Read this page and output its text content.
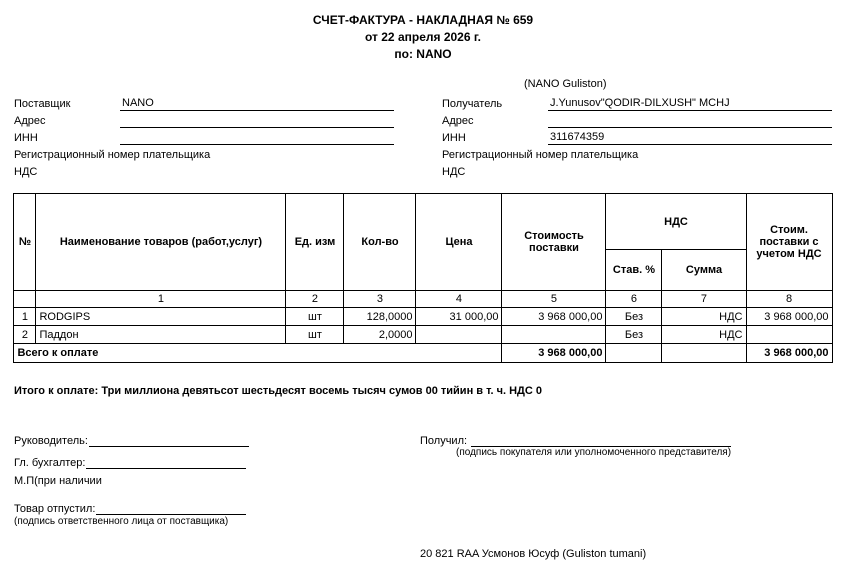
СЧЕТ-ФАКТУРА - НАКЛАДНАЯ № 659
от 22 апреля 2026 г.
по: NANO

Поставщик	NANO
Адрес
ИНН
Регистрационный номер плательщика
НДС
(NANO Guliston)
Получатель	J.Yunusov"QODIR-DILXUSH" MCHJ
Адрес
ИНН	311674359
Регистрационный номер плательщика
НДС
№	Наименование товаров (работ,услуг)	Ед. изм	Кол-во	Цена	Стоимость поставки	НДС		Стоим. поставки с учетом НДС
						Став. %	Сумма	
	1	2	3	4	5	6	7	8
1	RODGIPS	шт	128,0000	31 000,00	3 968 000,00	Без	НДС	3 968 000,00
2	Паддон	шт	2,0000			Без	НДС	
Всего к оплате					3 968 000,00			3 968 000,00
Итого к оплате: Три миллиона девятьсот шестьдесят восемь тысяч сумов 00 тийин в т. ч. НДС 0
Руководитель:
Гл. бухгалтер:
М.П(при наличии
Товар отпустил:
(подпись ответственного лица от поставщика)
Получил:
(подпись покупателя или уполномоченного представителя)
20 821 RAA Усмонов Юсуф (Guliston tumani)
